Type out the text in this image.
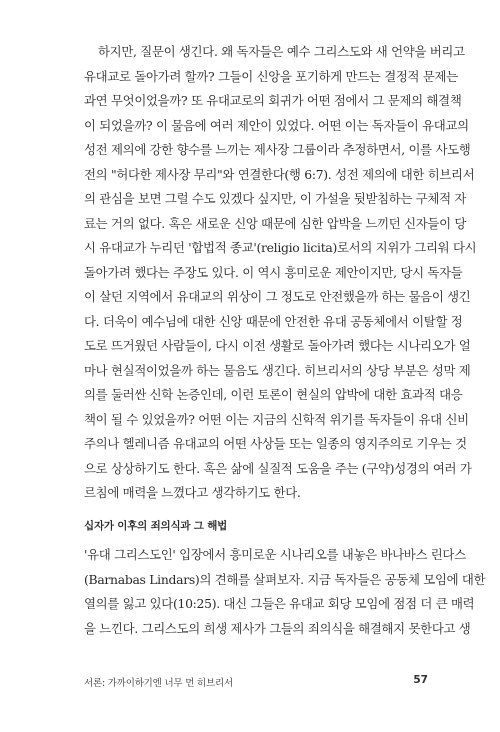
하지만, 질문이 생긴다. 왜 독자들은 예수 그리스도와 새 언약을 버리고
유대교로 돌아가려 할까? 그들이 신앙을 포기하게 만드는 결정적 문제는
과연 무엇이었을까? 또 유대교로의 회귀가 어떤 점에서 그 문제의 해결책
이 되었을까? 이 물음에 여러 제안이 있었다. 어떤 이는 독자들이 유대교의
성전 제의에 강한 향수를 느끼는 제사장 그룹이라 추정하면서, 이를 사도행
전의 "허다한 제사장 무리"와 연결한다(행 6:7). 성전 제의에 대한 히브리서
의 관심을 보면 그럴 수도 있겠다 싶지만, 이 가설을 뒷받침하는 구체적 자
료는 거의 없다. 혹은 새로운 신앙 때문에 심한 압박을 느끼던 신자들이 당
시 유대교가 누리던 '합법적 종교'(religio licita)로서의 지위가 그리워 다시
돌아가려 했다는 주장도 있다. 이 역시 흥미로운 제안이지만, 당시 독자들
이 살던 지역에서 유대교의 위상이 그 정도로 안전했을까 하는 물음이 생긴
다. 더욱이 예수님에 대한 신앙 때문에 안전한 유대 공동체에서 이탈할 정
도로 뜨거웠던 사람들이, 다시 이전 생활로 돌아가려 했다는 시나리오가 얼
마나 현실적이었을까 하는 물음도 생긴다. 히브리서의 상당 부분은 성막 제
의를 둘러싼 신학 논증인데, 이런 토론이 현실의 압박에 대한 효과적 대응
책이 될 수 있었을까? 어떤 이는 지금의 신학적 위기를 독자들이 유대 신비
주의나 헬레니즘 유대교의 어떤 사상들 또는 일종의 영지주의로 기우는 것
으로 상상하기도 한다. 혹은 삶에 실질적 도움을 주는 (구약)성경의 여러 가
르침에 매력을 느꼈다고 생각하기도 한다.
십자가 이후의 죄의식과 그 해법
'유대 그리스도인' 입장에서 흥미로운 시나리오를 내놓은 바나바스 린다스
(Barnabas Lindars)의 견해를 살펴보자. 지금 독자들은 공동체 모임에 대한
열의를 잃고 있다(10:25). 대신 그들은 유대교 회당 모임에 점점 더 큰 매력
을 느낀다. 그리스도의 희생 제사가 그들의 죄의식을 해결해지 못한다고 생
서론: 가까이하기엔 너무 먼 히브리서	57
